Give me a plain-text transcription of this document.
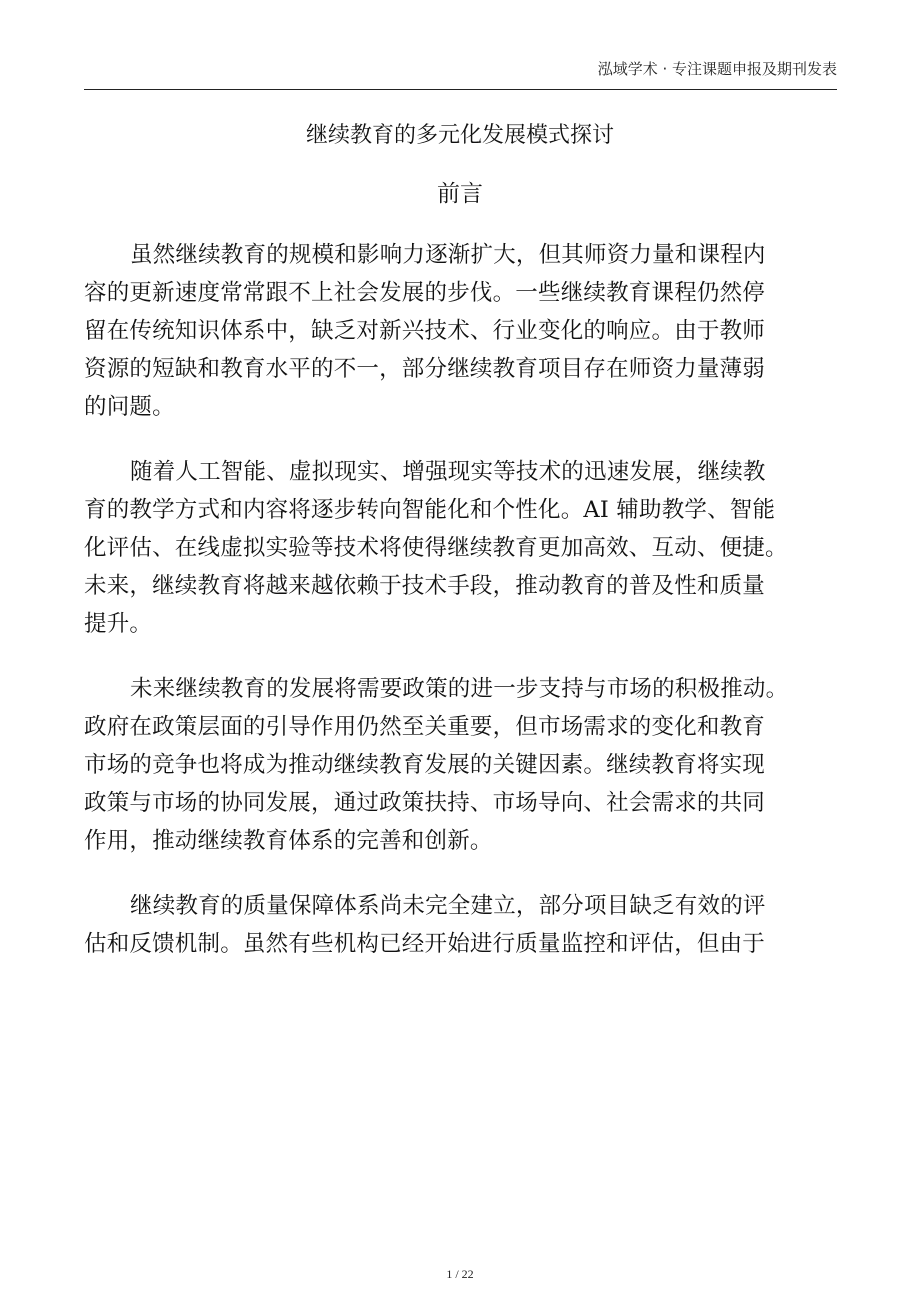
泓域学术 · 专注课题申报及期刊发表
继续教育的多元化发展模式探讨
前言

虽然继续教育的规模和影响力逐渐扩大，但其师资力量和课程内
容的更新速度常常跟不上社会发展的步伐。一些继续教育课程仍然停
留在传统知识体系中，缺乏对新兴技术、行业变化的响应。由于教师
资源的短缺和教育水平的不一，部分继续教育项目存在师资力量薄弱
的问题。

随着人工智能、虚拟现实、增强现实等技术的迅速发展，继续教
育的教学方式和内容将逐步转向智能化和个性化。AI 辅助教学、智能
化评估、在线虚拟实验等技术将使得继续教育更加高效、互动、便捷。
未来，继续教育将越来越依赖于技术手段，推动教育的普及性和质量
提升。

未来继续教育的发展将需要政策的进一步支持与市场的积极推动。
政府在政策层面的引导作用仍然至关重要，但市场需求的变化和教育
市场的竞争也将成为推动继续教育发展的关键因素。继续教育将实现
政策与市场的协同发展，通过政策扶持、市场导向、社会需求的共同
作用，推动继续教育体系的完善和创新。

继续教育的质量保障体系尚未完全建立，部分项目缺乏有效的评
估和反馈机制。虽然有些机构已经开始进行质量监控和评估，但由于

1 / 22
